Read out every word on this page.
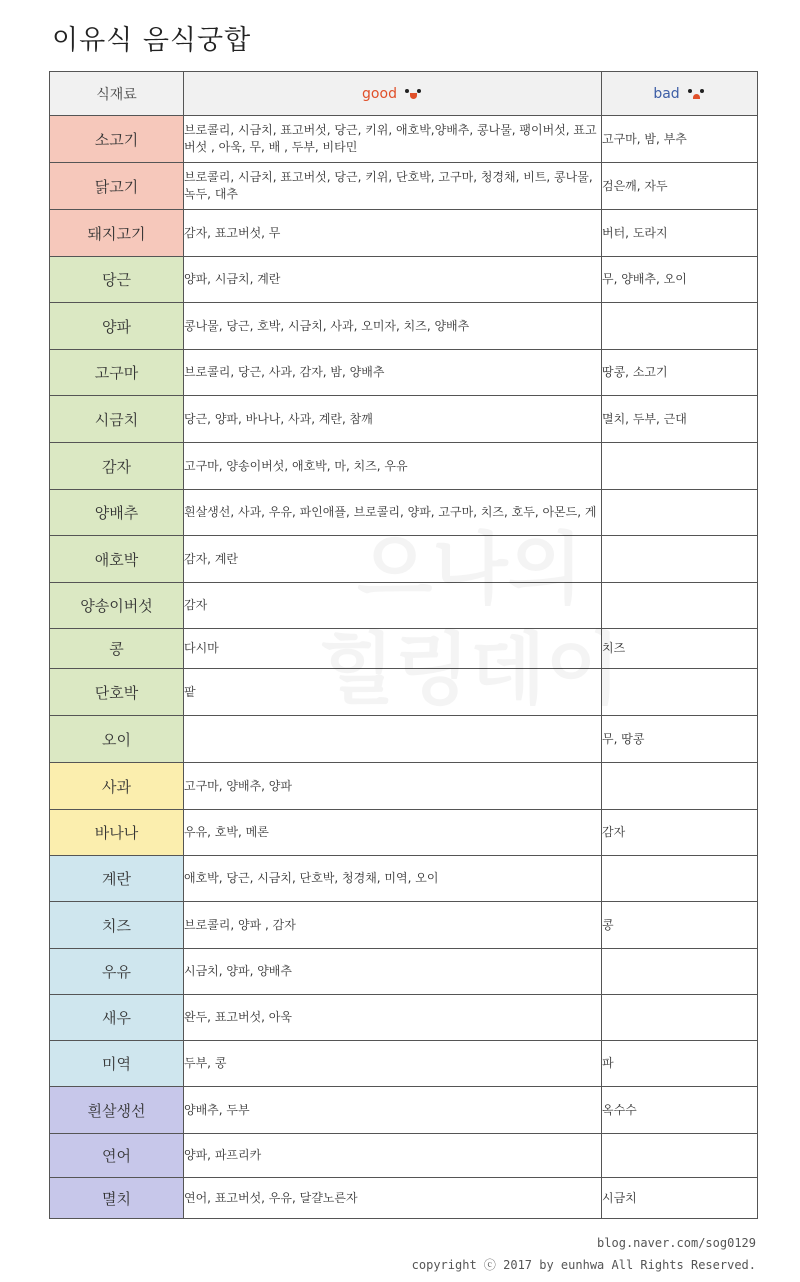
이유식 음식궁합
식재료	good	bad

소고기	브로콜리, 시금치, 표고버섯, 당근, 키위, 애호박,양배추, 콩나물, 팽이버섯, 표고버섯 , 아욱, 무, 배 , 두부, 비타민	고구마, 밤, 부추
닭고기	브로콜리, 시금치, 표고버섯, 당근, 키위, 단호박, 고구마, 청경채, 비트, 콩나물, 녹두, 대추	검은깨, 자두
돼지고기	감자, 표고버섯, 무	버터, 도라지
당근	양파, 시금치, 계란	무, 양배추, 오이
양파	콩나물, 당근, 호박, 시금치, 사과, 오미자, 치즈, 양배추	
고구마	브로콜리, 당근, 사과, 감자, 밤, 양배추	땅콩, 소고기
시금치	당근, 양파, 바나나, 사과, 계란, 참깨	멸치, 두부, 근대
감자	고구마, 양송이버섯, 애호박, 마, 치즈, 우유	
양배추	흰살생선, 사과, 우유, 파인애플, 브로콜리, 양파, 고구마, 치즈, 호두, 아몬드, 게	
애호박	감자, 계란	
양송이버섯	감자	
콩	다시마	치즈
단호박	팥	
오이		무, 땅콩
사과	고구마, 양배추, 양파	
바나나	우유, 호박, 메론	감자
계란	애호박, 당근, 시금치, 단호박, 청경채, 미역, 오이	
치즈	브로콜리, 양파 , 감자	콩
우유	시금치, 양파, 양배추	
새우	완두, 표고버섯, 아욱	
미역	두부, 콩	파
흰살생선	양배추, 두부	옥수수
연어	양파, 파프리카	
멸치	연어, 표고버섯, 우유, 달걀노른자	시금치
blog.naver.com/sog0129
copyright ⓒ 2017 by eunhwa All Rights Reserved.
